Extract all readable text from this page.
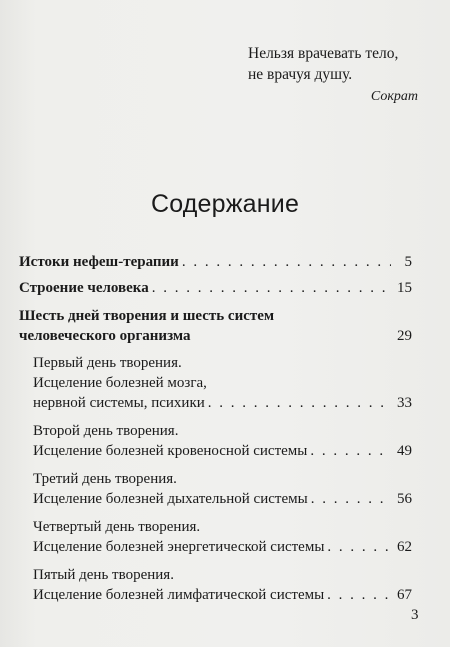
Нельзя врачевать тело,
не врачуя душу.
Сократ
Содержание
Истоки нефеш-терапии . . .	5
Строение человека . . .	15
Шесть дней творения и шесть систем
человеческого организма	29
Первый день творения.
Исцеление болезней мозга,
нервной системы, психики . . .	33
Второй день творения.
Исцеление болезней кровеносной системы . . .	49
Третий день творения.
Исцеление болезней дыхательной системы . . .	56
Четвертый день творения.
Исцеление болезней энергетической системы . . .	62
Пятый день творения.
Исцеление болезней лимфатической системы . . .	67
3
